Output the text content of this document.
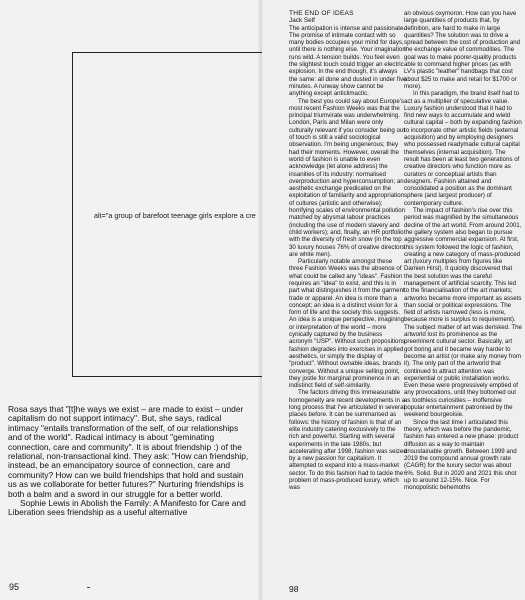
alt="a group of barefoot teenage girls explore a cre

Rosa says that "[t]he ways we exist – are made to exist – under capitalism do not support intimacy". But, she says, radical intimacy "entails transformation of the self, of our relationships and of the world". Radical intimacy is about "geminating connection, care and community". It is about friendship :) of the relational, non-transactional kind. They ask: "How can friendship, instead, be an emancipatory source of connection, care and community? How can we build friendships that hold and sustain us as we collaborate for better futures?" Nurturing friendships is both a balm and a sword in our struggle for a better world.

Sophie Lewis in Abolish the Family: A Manifesto for Care and Liberation sees friendship as a useful alternative

95

THE END OF IDEAS

Jack Self

The anticipation is intense and passionate. The promise of intimate contact with so many bodies occupies your mind for days, until there is nothing else. Your imagination runs wild. A tension builds. You feel even the slightest touch could trigger an electric explosion. In the end though, it's always the same: all done and dusted in under five minutes. A runway show cannot be anything except anticlimactic.

The best you could say about Europe's most recent Fashion Weeks was that the principal triumvirate was underwhelming. London, Paris and Milan were only culturally relevant if you consider being out of touch is still a valid sociological observation. I'm being ungenerous; they had their moments. However, overall the world of fashion is unable to even acknowledge (let alone address) the insanities of its industry: normalised overproduction and hyperconsumption; an aesthetic exchange predicated on the exploitation of familiarity and appropriation of cultures (artistic and otherwise); horrifying scales of environmental pollution matched by abysmal labour practices (including the use of modern slavery and child workers); and, finally, an HR portfolio with the diversity of fresh snow (in the top 30 luxury houses 76% of creative directors are white men).

Particularly notable amongst these three Fashion Weeks was the absence of what could be called any "ideas". Fashion requires an "idea" to exist, and this is in part what distinguishes it from the garment trade or apparel. An idea is more than a concept; an idea is a distinct vision for a form of life and the society this suggests. An idea is a unique perspective, imagining or interpretation of the world – more cynically captured by the business acronym "USP". Without such propositions, fashion degrades into exercises in applied aesthetics, or simply the display of "product". Without ownable ideas, brands converge. Without a unique selling point, they jostle for marginal prominence in an indistinct field of self-similarity.

The factors driving this immeasurable homogeneity are recent developments in a long process that I've articulated in several places before. It can be summarised as follows: the history of fashion is that of an elite industry catering exclusively to the rich and powerful. Starting with several experiments in the late 1980s, but accelerating after 1998, fashion was seized by a new passion for capitalism. It attempted to expand into a mass-market sector. To do this fashion had to tackle the problem of mass-produced luxury, which was

an obvious oxymoron. How can you have large quantities of products that, by definition, are hard to make in large quantities? The solution was to drive a spread between the cost of production and the exchange value of commodities. The goal was to make poorer-quality products able to command higher prices (as with LV's plastic "leather" handbags that cost about $25 to make and retail for $1700 or more).

In this paradigm, the brand itself had to act as a multiplier of speculative value. Luxury fashion understood that it had to find new ways to accumulate and wield cultural capital – both by expanding fashion to incorporate other artistic fields (external acquisition) and by employing designers who possessed readymade cultural capital themselves (internal acquisition). The result has been at least two generations of creative directors who function more as curators or conceptual artists than designers. Fashion attained and consolidated a position as the dominant sphere (and largest producer) of contemporary culture.

The impact of fashion's rise over this period was magnified by the simultaneous decline of the art world. From around 2001, the gallery system also began to pursue aggressive commercial expansion. At first, this system followed the logic of fashion, creating a new category of mass-produced art (luxury multiples from figures like Damien Hirst). It quickly discovered that the best solution was the careful management of artificial scarcity. This led to the financialisation of the art markets; artworks became more important as assets than social or political expressions. The field of artists narrowed (less is more, because more is surplus to requirement). The subject matter of art was derisked. The artworld lost its prominence as the preeminent cultural sector. Basically, art got boring and it became way harder to become an artist (or make any money from it). The only part of the artworld that continued to attract attention was experiential or public installation works. Even these were progressively emptied of any provocations, until they bottomed out as toothless curiosities – inoffensive popular entertainment patronised by the weekend bourgeoisie.

Since the last time I articulated this theory, which was before the pandemic, fashion has entered a new phase: product diffusion as a way to maintain unsustainable growth. Between 1999 and 2019 the compound annual growth rate (CAGR) for the luxury sector was about 6%. Solid. But in 2020 and 2021 this shot up to around 12-15%. Nice. For monopolistic behemoths

98
